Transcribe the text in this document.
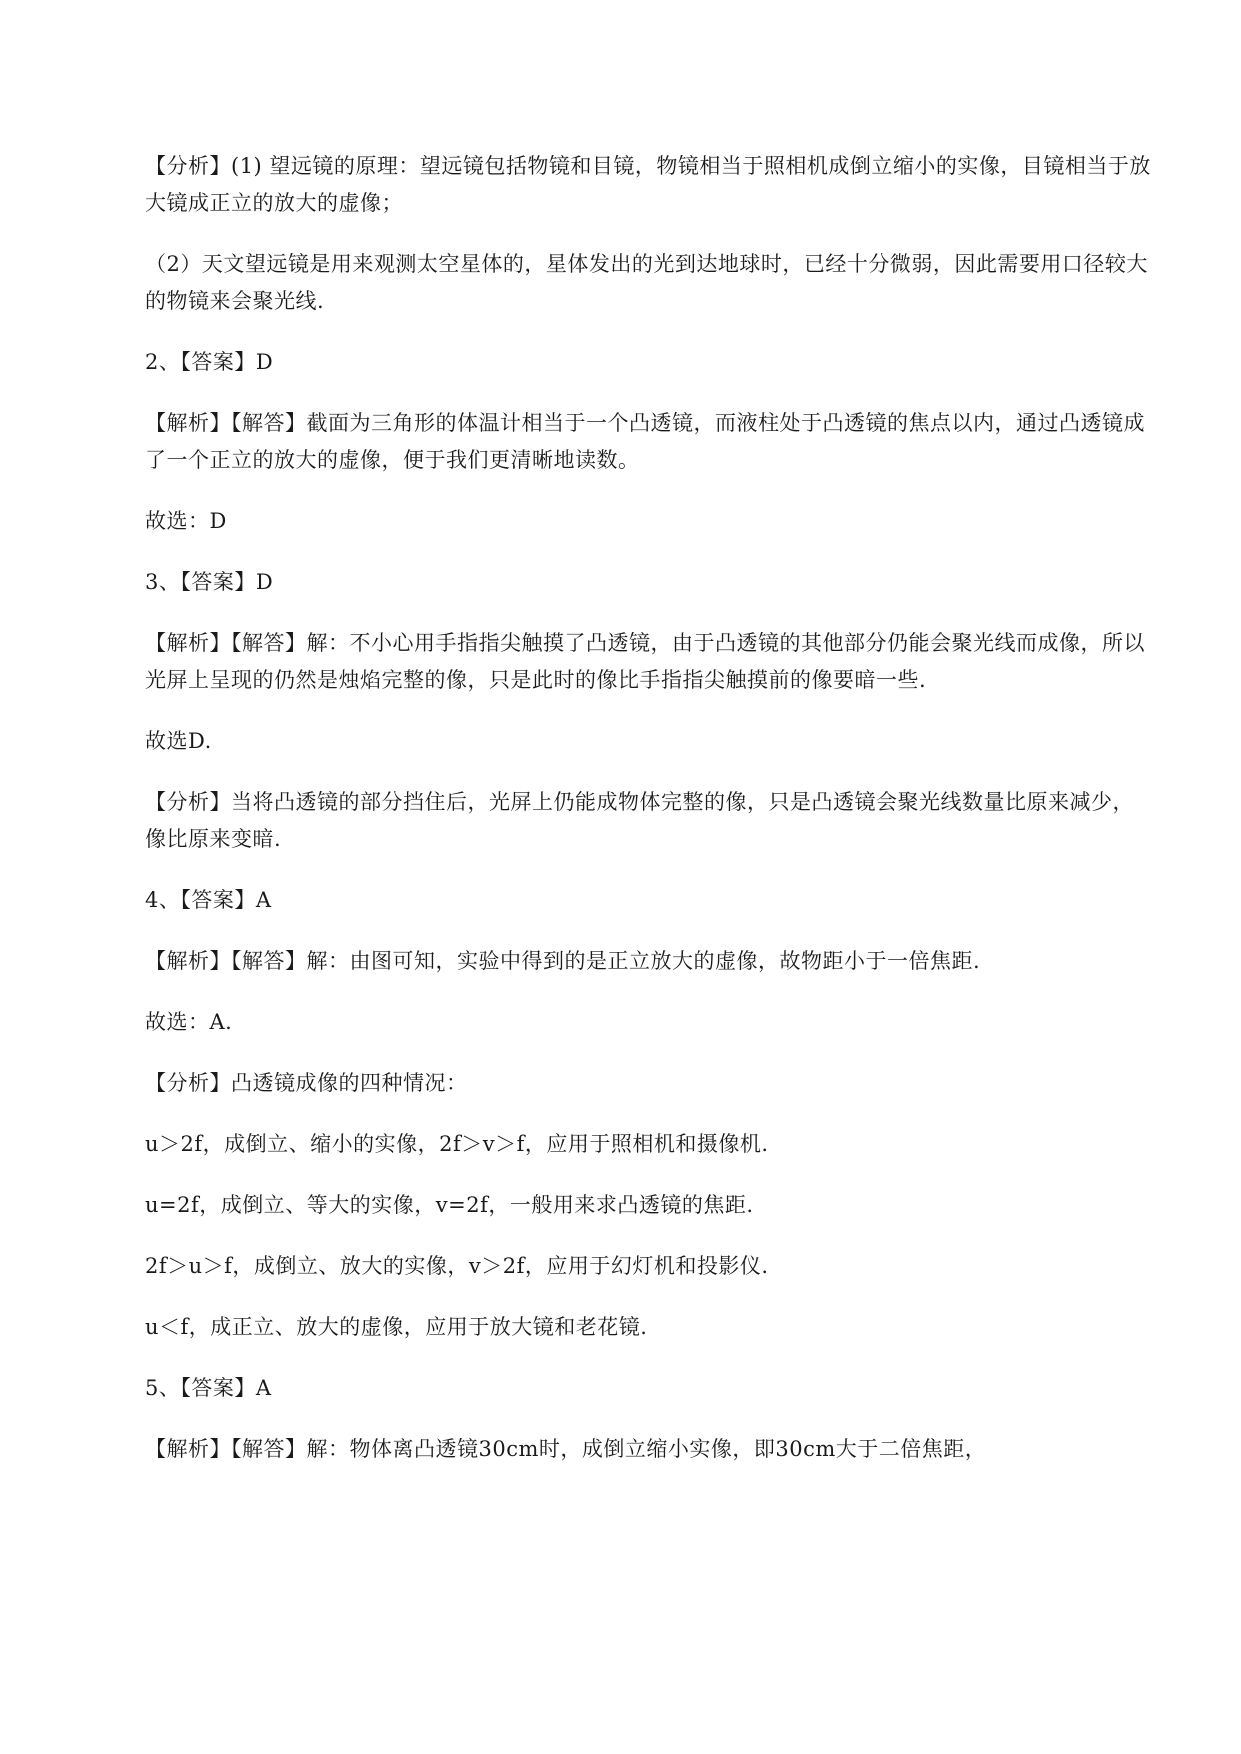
【分析】(1) 望远镜的原理：望远镜包括物镜和目镜，物镜相当于照相机成倒立缩小的实像，目镜相当于放大镜成正立的放大的虚像；

（2）天文望远镜是用来观测太空星体的，星体发出的光到达地球时，已经十分微弱，因此需要用口径较大的物镜来会聚光线.

2、【答案】D

【解析】【解答】截面为三角形的体温计相当于一个凸透镜，而液柱处于凸透镜的焦点以内，通过凸透镜成了一个正立的放大的虚像，便于我们更清晰地读数。

故选：D

3、【答案】D

【解析】【解答】解：不小心用手指指尖触摸了凸透镜，由于凸透镜的其他部分仍能会聚光线而成像，所以光屏上呈现的仍然是烛焰完整的像，只是此时的像比手指指尖触摸前的像要暗一些.

故选D.

【分析】当将凸透镜的部分挡住后，光屏上仍能成物体完整的像，只是凸透镜会聚光线数量比原来减少，像比原来变暗.

4、【答案】A

【解析】【解答】解：由图可知，实验中得到的是正立放大的虚像，故物距小于一倍焦距.

故选：A.

【分析】凸透镜成像的四种情况：

u＞2f，成倒立、缩小的实像，2f＞v＞f，应用于照相机和摄像机.

u=2f，成倒立、等大的实像，v=2f，一般用来求凸透镜的焦距.

2f＞u＞f，成倒立、放大的实像，v＞2f，应用于幻灯机和投影仪.

u＜f，成正立、放大的虚像，应用于放大镜和老花镜.

5、【答案】A

【解析】【解答】解：物体离凸透镜30cm时，成倒立缩小实像，即30cm大于二倍焦距，
